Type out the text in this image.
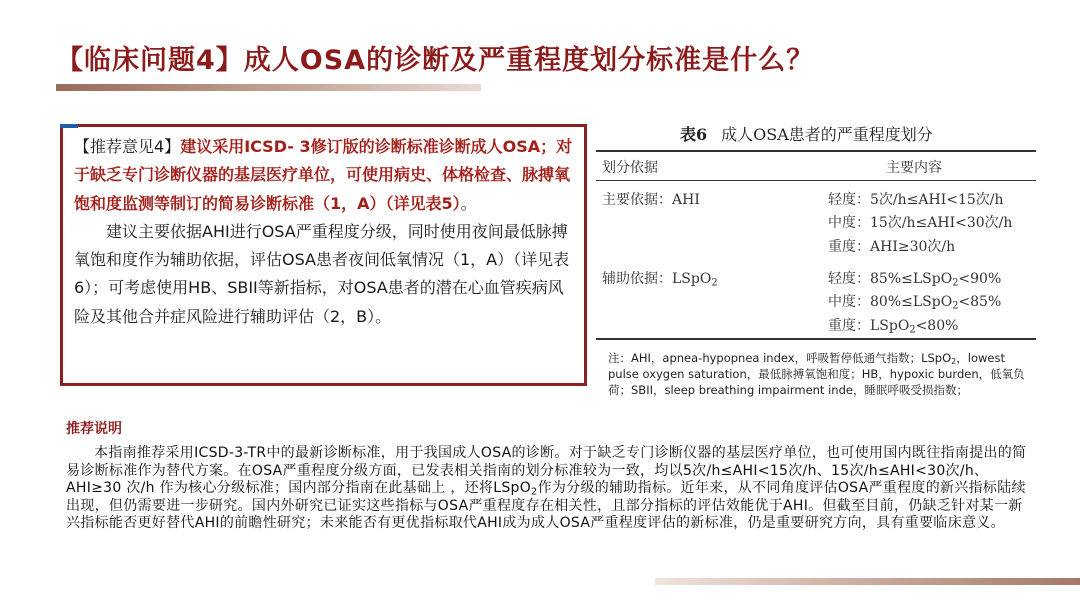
【临床问题4】成人OSA的诊断及严重程度划分标准是什么？

【推荐意见4】建议采用ICSD- 3修订版的诊断标准诊断成人OSA；对于缺乏专门诊断仪器的基层医疗单位，可使用病史、体格检查、脉搏氧饱和度监测等制订的简易诊断标准（1，A）（详见表5）。

建议主要依据AHI进行OSA严重程度分级，同时使用夜间最低脉搏氧饱和度作为辅助依据，评估OSA患者夜间低氧情况（1，A）（详见表6）；可考虑使用HB、SBII等新指标，对OSA患者的潜在心血管疾病风险及其他合并症风险进行辅助评估（2，B）。

表6 成人OSA患者的严重程度划分
划分依据	主要内容
主要依据：AHI	轻度：5次/h≤AHI<15次/h
中度：15次/h≤AHI<30次/h
重度：AHI≥30次/h
辅助依据：LSpO$_2$	轻度：85%≤LSpO$_2$<90%
中度：80%≤LSpO$_2$<85%
重度：LSpO$_2$<80%
注：AHI，apnea-hypopnea index，呼吸暂停低通气指数；LSpO$_2$，lowest pulse oxygen saturation，最低脉搏氧饱和度；HB，hypoxic burden，低氧负荷；SBII，sleep breathing impairment inde，睡眠呼吸受损指数；
推荐说明

本指南推荐采用ICSD-3-TR中的最新诊断标准，用于我国成人OSA的诊断。对于缺乏专门诊断仪器的基层医疗单位，也可使用国内既往指南提出的简易诊断标准作为替代方案。在OSA严重程度分级方面，已发表相关指南的划分标准较为一致，均以5次/h≤AHI<15次/h、15次/h≤AHI<30次/h、AHI≥30 次/h 作为核心分级标准；国内部分指南在此基础上 ，还将LSpO$_2$作为分级的辅助指标。近年来，从不同角度评估OSA严重程度的新兴指标陆续出现，但仍需要进一步研究。国内外研究已证实这些指标与OSA严重程度存在相关性，且部分指标的评估效能优于AHI。但截至目前，仍缺乏针对某一新兴指标能否更好替代AHI的前瞻性研究；未来能否有更优指标取代AHI成为成人OSA严重程度评估的新标准，仍是重要研究方向，具有重要临床意义。
